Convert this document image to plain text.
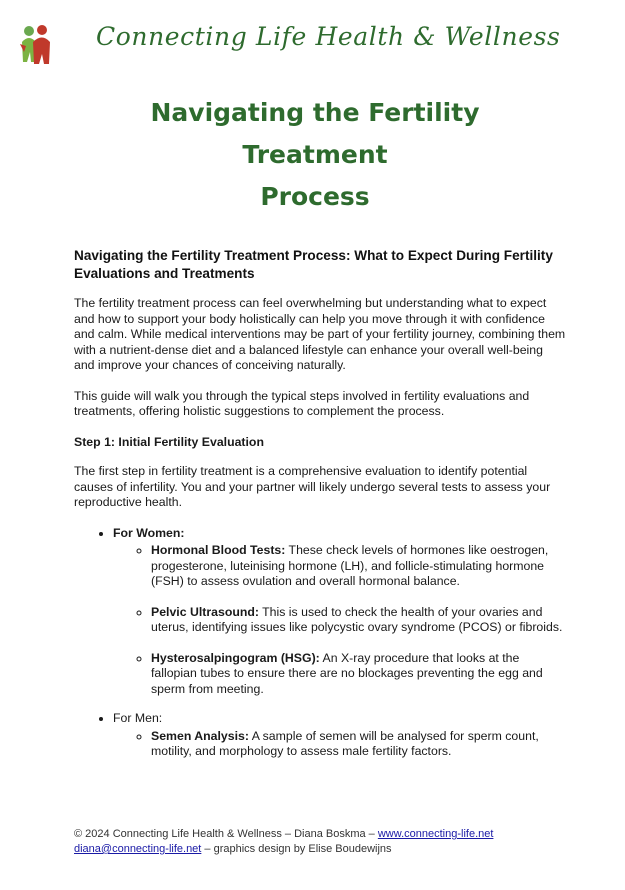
Connecting Life Health & Wellness
Navigating the Fertility Treatment
Process
Navigating the Fertility Treatment Process: What to Expect During Fertility Evaluations and Treatments

The fertility treatment process can feel overwhelming but understanding what to expect and how to support your body holistically can help you move through it with confidence and calm. While medical interventions may be part of your fertility journey, combining them with a nutrient-dense diet and a balanced lifestyle can enhance your overall well-being and improve your chances of conceiving naturally.

This guide will walk you through the typical steps involved in fertility evaluations and treatments, offering holistic suggestions to complement the process.

Step 1: Initial Fertility Evaluation

The first step in fertility treatment is a comprehensive evaluation to identify potential causes of infertility. You and your partner will likely undergo several tests to assess your reproductive health.

• For Women:
◦ Hormonal Blood Tests: These check levels of hormones like oestrogen, progesterone, luteinising hormone (LH), and follicle-stimulating hormone (FSH) to assess ovulation and overall hormonal balance.
◦ Pelvic Ultrasound: This is used to check the health of your ovaries and uterus, identifying issues like polycystic ovary syndrome (PCOS) or fibroids.
◦ Hysterosalpingogram (HSG): An X-ray procedure that looks at the fallopian tubes to ensure there are no blockages preventing the egg and sperm from meeting.
• For Men:
◦ Semen Analysis: A sample of semen will be analysed for sperm count, motility, and morphology to assess male fertility factors.
© 2024 Connecting Life Health & Wellness – Diana Boskma – www.connecting-life.net
diana@connecting-life.net – graphics design by Elise Boudewijns
